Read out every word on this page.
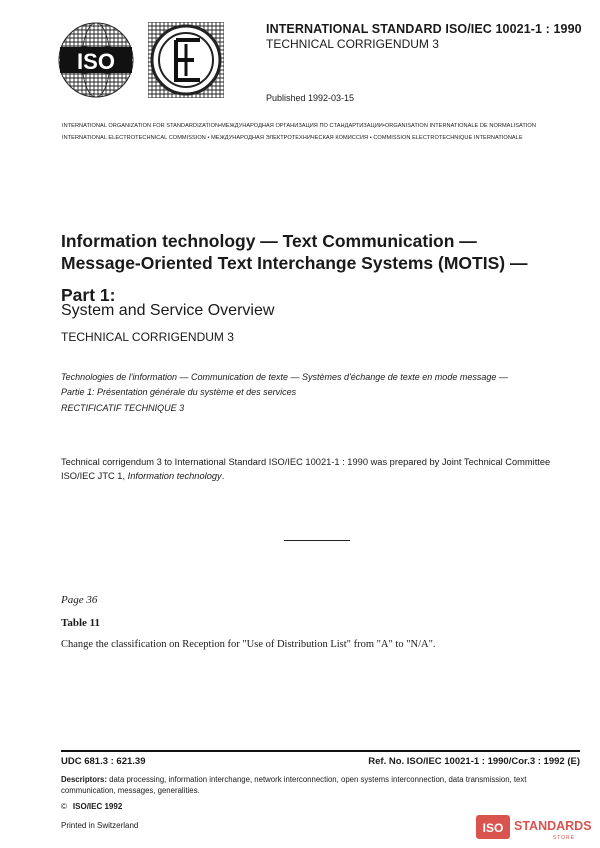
ISO
INTERNATIONAL STANDARD ISO/IEC 10021-1 : 1990
TECHNICAL CORRIGENDUM 3
Published 1992-03-15
INTERNATIONAL ORGANIZATION FOR STANDARDIZATION•МЕЖДУНАРОДНАЯ ОРГАНИЗАЦИЯ ПО СТАНДАРТИЗАЦИИ•ORGANISATION INTERNATIONALE DE NORMALISATION
INTERNATIONAL ELECTROTECHNICAL COMMISSION • МЕЖДУНАРОДНАЯ ЭЛЕКТРОТЕХНИЧЕСКАЯ КОМИССИЯ • COMMISSION ELECTROTECHNIQUE INTERNATIONALE
Information technology — Text Communication —
Message-Oriented Text Interchange Systems (MOTIS) —
Part 1:
System and Service Overview
TECHNICAL CORRIGENDUM 3
Technologies de l'information — Communication de texte — Systèmes d'échange de texte en mode message —
Partie 1: Présentation générale du système et des services
RECTIFICATIF TECHNIQUE 3
Technical corrigendum 3 to International Standard ISO/IEC 10021-1 : 1990 was prepared by Joint Technical Committee ISO/IEC JTC 1, Information technology.
Page 36
Table 11
Change the classification on Reception for "Use of Distribution List" from "A" to "N/A".
UDC 681.3 : 621.39	Ref. No. ISO/IEC 10021-1 : 1990/Cor.3 : 1992 (E)
Descriptors: data processing, information interchange, network interconnection, open systems interconnection, data transmission, text communication, messages, generalities.
© ISO/IEC 1992
Printed in Switzerland	ISO STANDARDS
STORE
